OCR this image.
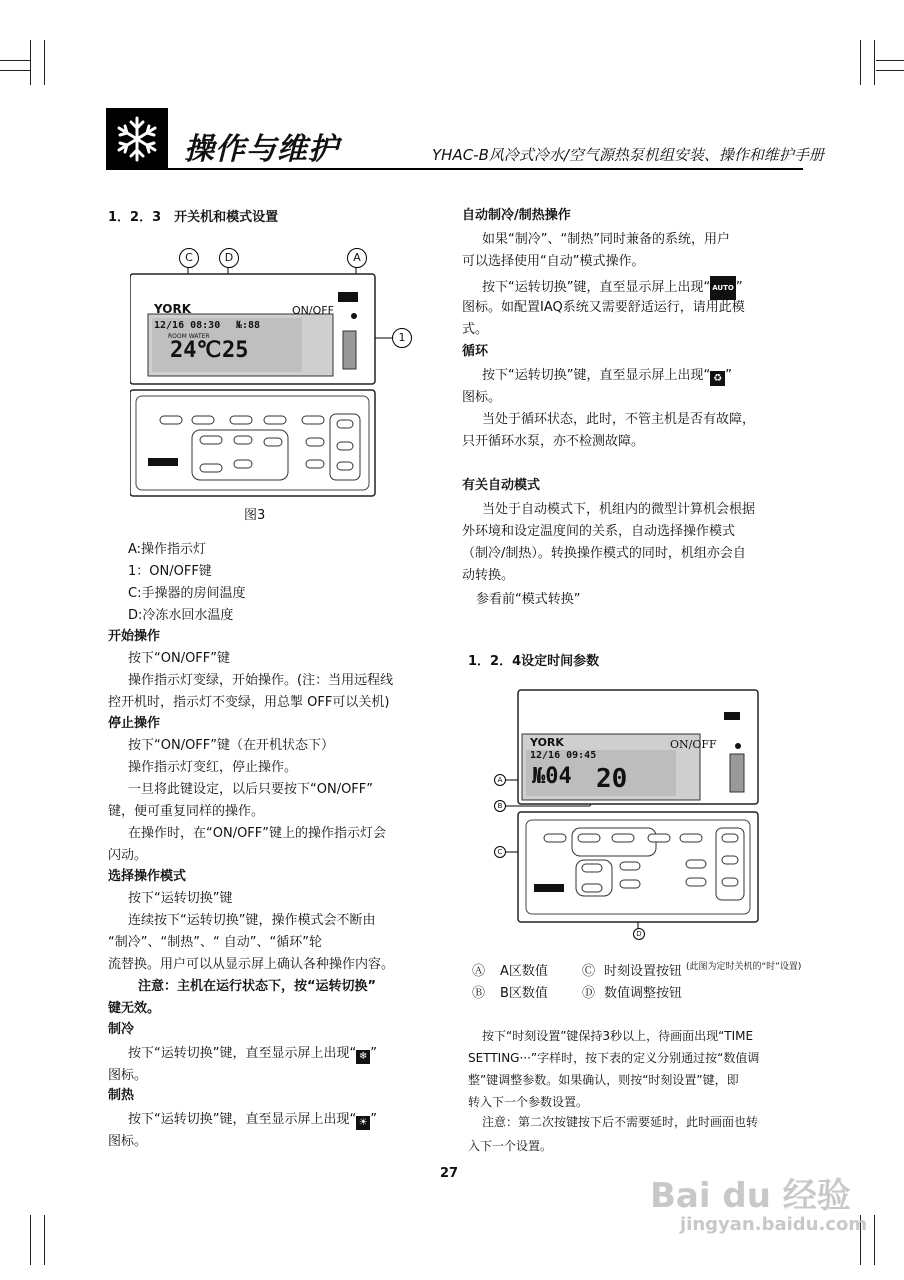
操作与维护	YHAC-B风冷式冷水/空气源热泵机组安装、操作和维护手册
1．2．3　开关机和模式设置
C	D	A
1
YORK	ON/OFF
12/16 08:30 №:88
ROOM WATER
24℃ 25
图3
A:操作指示灯
1：ON/OFF键
C:手操器的房间温度
D:冷冻水回水温度
开始操作
按下“ON/OFF”键
操作指示灯变绿，开始操作。(注：当用远程线
控开机时，指示灯不变绿，用总掣 OFF可以关机)
停止操作
按下“ON/OFF”键（在开机状态下）
操作指示灯变红，停止操作。
一旦将此键设定，以后只要按下“ON/OFF”
键，便可重复同样的操作。
在操作时，在“ON/OFF”键上的操作指示灯会
闪动。
选择操作模式
按下“运转切换”键
连续按下“运转切换”键，操作模式会不断由
“制冷”、“制热”、“ 自动”、“循环”轮
流替换。用户可以从显示屏上确认各种操作内容。
注意：主机在运行状态下，按“运转切换”
键无效。
制冷
按下“运转切换”键，直至显示屏上出现“ ❄ ”
图标。
制热
按下“运转切换”键，直至显示屏上出现“ ☀ ”
图标。
自动制冷/制热操作
如果“制冷”、“制热”同时兼备的系统，用户
可以选择使用“自动”模式操作。
按下“运转切换”键，直至显示屏上出现“ AUTO ”
图标。如配置IAQ系统又需要舒适运行，请用此模
式。
循环
按下“运转切换”键，直至显示屏上出现“ ♻ ”
图标。
当处于循环状态，此时，不管主机是否有故障，
只开循环水泵，亦不检测故障。
有关自动模式
当处于自动模式下，机组内的微型计算机会根据
外环境和设定温度间的关系，自动选择操作模式
（制冷/制热）。转换操作模式的同时，机组亦会自
动转换。
参看前“模式转换”
1．2．4设定时间参数
A
B
C
D
YORK	ON/OFF
12/16 09:45
№04 20
Ⓐ A区数值	Ⓒ 时刻设置按钮 (此图为定时关机的“时”设置)
Ⓑ B区数值	Ⓓ 数值调整按钮
按下“时刻设置”键保持3秒以上，待画面出现“TIME
SETTING···”字样时，按下表的定义分别通过按“数值调
整”键调整参数。如果确认，则按“时刻设置”键，即
转入下一个参数设置。
注意：第二次按键按下后不需要延时，此时画面也转
入下一个设置。
27
Bai du 经验
jingyan.baidu.com
